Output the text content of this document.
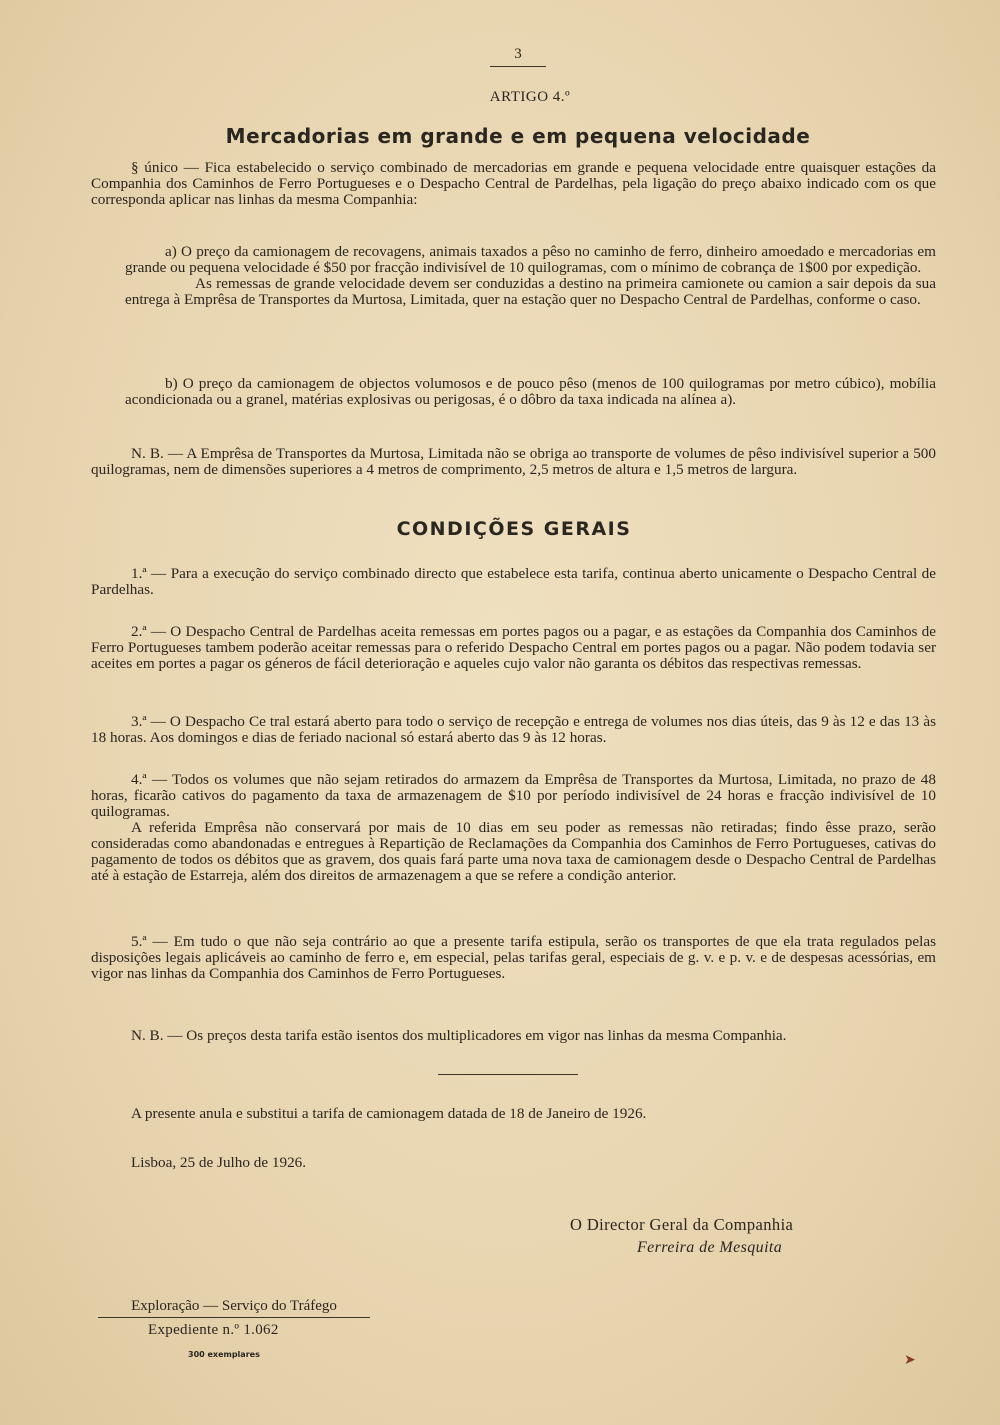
3
ARTIGO 4.º
Mercadorias em grande e em pequena velocidade
§ único — Fica estabelecido o serviço combinado de mercadorias em grande e pequena velocidade entre quaisquer estações da Companhia dos Caminhos de Ferro Portugueses e o Despacho Central de Pardelhas, pela ligação do preço abaixo indicado com os que corresponda aplicar nas linhas da mesma Companhia:
a) O preço da camionagem de recovagens, animais taxados a pêso no caminho de ferro, dinheiro amoedado e mercadorias em grande ou pequena velocidade é $50 por fracção indivisível de 10 quilogramas, com o mínimo de cobrança de 1$00 por expedição.
As remessas de grande velocidade devem ser conduzidas a destino na primeira camionete ou camion a sair depois da sua entrega à Emprêsa de Transportes da Murtosa, Limitada, quer na estação quer no Despacho Central de Pardelhas, conforme o caso.
b) O preço da camionagem de objectos volumosos e de pouco pêso (menos de 100 quilogramas por metro cúbico), mobília acondicionada ou a granel, matérias explosivas ou perigosas, é o dôbro da taxa indicada na alínea a).
N. B. — A Emprêsa de Transportes da Murtosa, Limitada não se obriga ao transporte de volumes de pêso indivisível superior a 500 quilogramas, nem de dimensões superiores a 4 metros de comprimento, 2,5 metros de altura e 1,5 metros de largura.
CONDIÇÕES GERAIS
1.ª — Para a execução do serviço combinado directo que estabelece esta tarifa, continua aberto unicamente o Despacho Central de Pardelhas.
2.ª — O Despacho Central de Pardelhas aceita remessas em portes pagos ou a pagar, e as estações da Companhia dos Caminhos de Ferro Portugueses tambem poderão aceitar remessas para o referido Despacho Central em portes pagos ou a pagar. Não podem todavia ser aceites em portes a pagar os géneros de fácil deterioração e aqueles cujo valor não garanta os débitos das respectivas remessas.
3.ª — O Despacho Ce tral estará aberto para todo o serviço de recepção e entrega de volumes nos dias úteis, das 9 às 12 e das 13 às 18 horas. Aos domingos e dias de feriado nacional só estará aberto das 9 às 12 horas.
4.ª — Todos os volumes que não sejam retirados do armazem da Emprêsa de Transportes da Murtosa, Limitada, no prazo de 48 horas, ficarão cativos do pagamento da taxa de armazenagem de $10 por período indivisível de 24 horas e fracção indivisível de 10 quilogramas.
A referida Emprêsa não conservará por mais de 10 dias em seu poder as remessas não retiradas; findo êsse prazo, serão consideradas como abandonadas e entregues à Repartição de Reclamações da Companhia dos Caminhos de Ferro Portugueses, cativas do pagamento de todos os débitos que as gravem, dos quais fará parte uma nova taxa de camionagem desde o Despacho Central de Pardelhas até à estação de Estarreja, além dos direitos de armazenagem a que se refere a condição anterior.
5.ª — Em tudo o que não seja contrário ao que a presente tarifa estipula, serão os transportes de que ela trata regulados pelas disposições legais aplicáveis ao caminho de ferro e, em especial, pelas tarifas geral, especiais de g. v. e p. v. e de despesas acessórias, em vigor nas linhas da Companhia dos Caminhos de Ferro Portugueses.
N. B. — Os preços desta tarifa estão isentos dos multiplicadores em vigor nas linhas da mesma Companhia.
A presente anula e substitui a tarifa de camionagem datada de 18 de Janeiro de 1926.
Lisboa, 25 de Julho de 1926.
O Director Geral da Companhia
Ferreira de Mesquita
Exploração — Serviço do Tráfego
Expediente n.º 1.062
300 exemplares	➤
